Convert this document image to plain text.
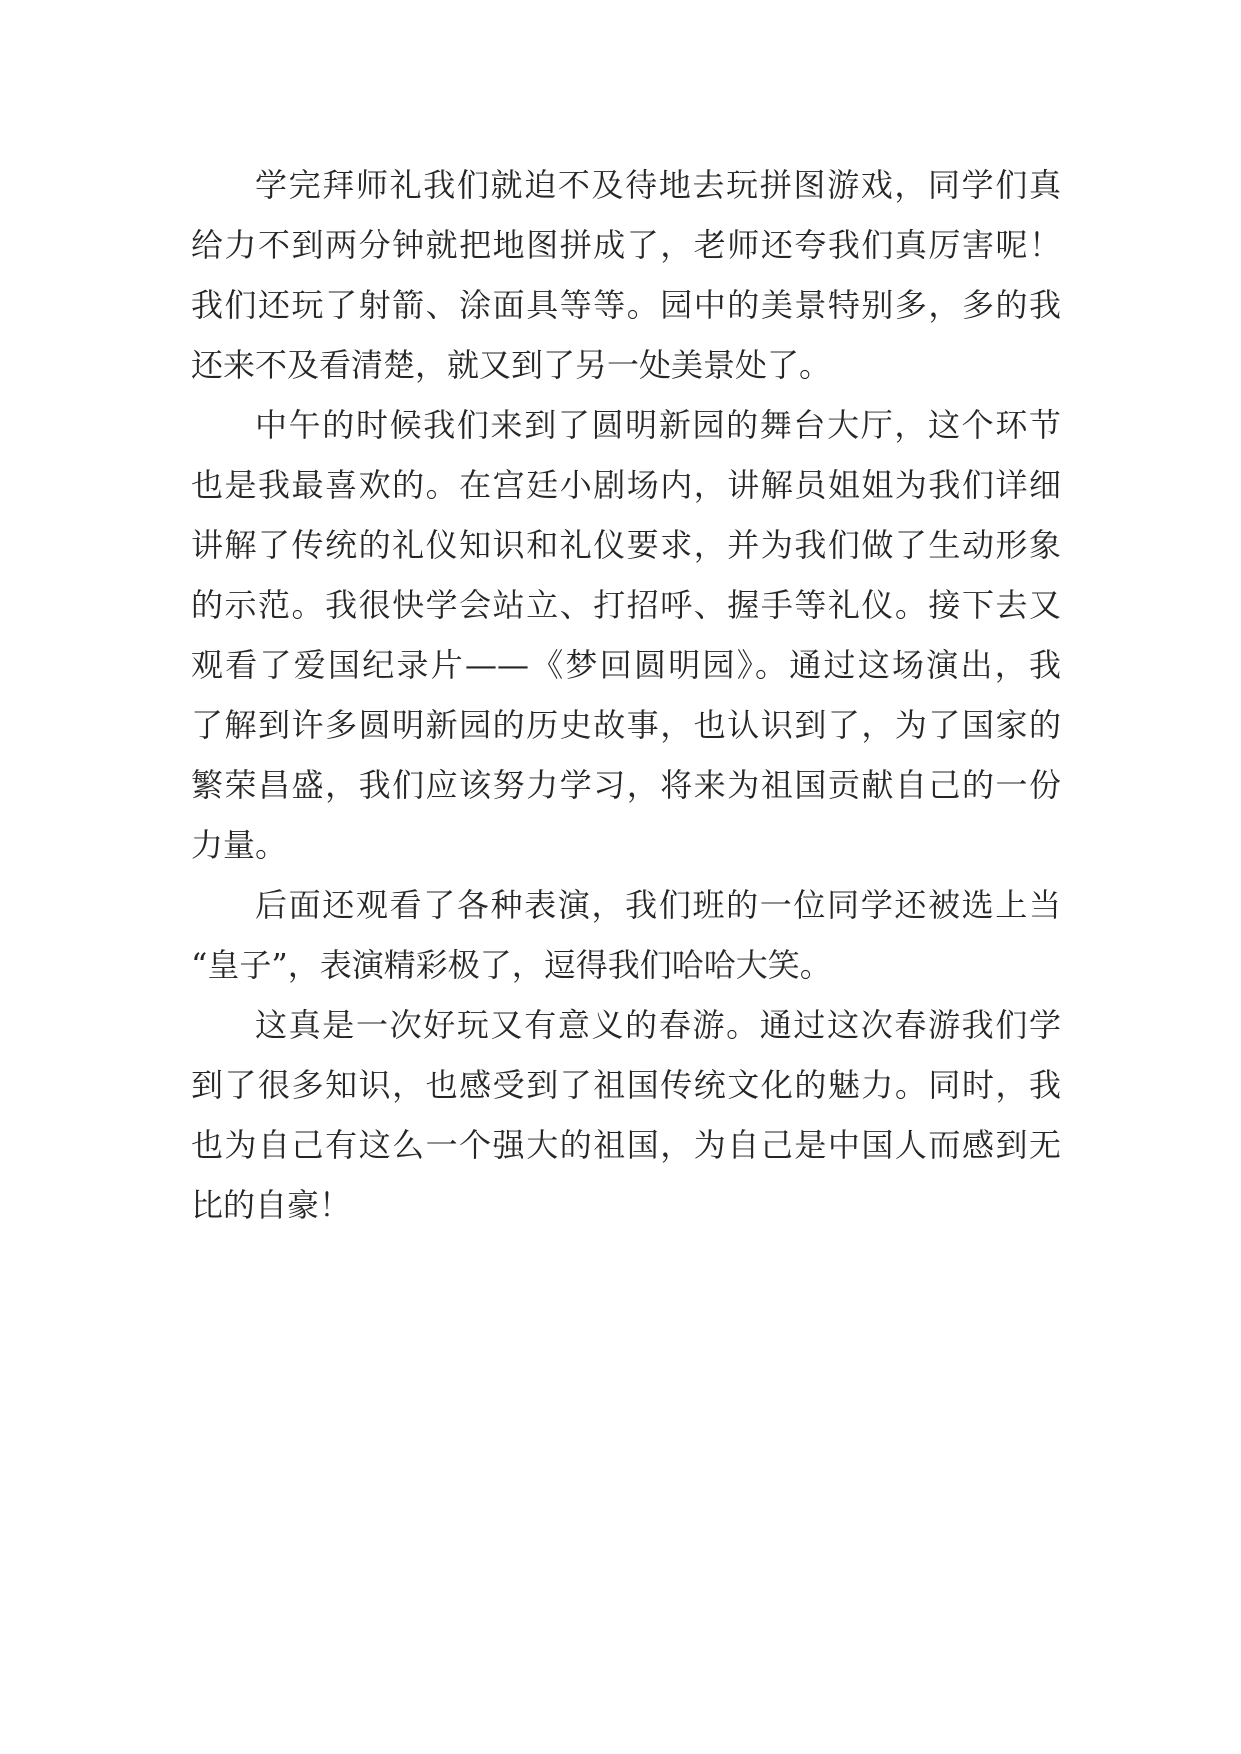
学完拜师礼我们就迫不及待地去玩拼图游戏，同学们真
给力不到两分钟就把地图拼成了，老师还夸我们真厉害呢！
我们还玩了射箭、涂面具等等。园中的美景特别多，多的我
还来不及看清楚，就又到了另一处美景处了。
中午的时候我们来到了圆明新园的舞台大厅，这个环节
也是我最喜欢的。在宫廷小剧场内，讲解员姐姐为我们详细
讲解了传统的礼仪知识和礼仪要求，并为我们做了生动形象
的示范。我很快学会站立、打招呼、握手等礼仪。接下去又
观看了爱国纪录片——《梦回圆明园》。通过这场演出，我
了解到许多圆明新园的历史故事，也认识到了，为了国家的
繁荣昌盛，我们应该努力学习，将来为祖国贡献自己的一份
力量。
后面还观看了各种表演，我们班的一位同学还被选上当
“皇子”，表演精彩极了，逗得我们哈哈大笑。
这真是一次好玩又有意义的春游。通过这次春游我们学
到了很多知识，也感受到了祖国传统文化的魅力。同时，我
也为自己有这么一个强大的祖国，为自己是中国人而感到无
比的自豪！
